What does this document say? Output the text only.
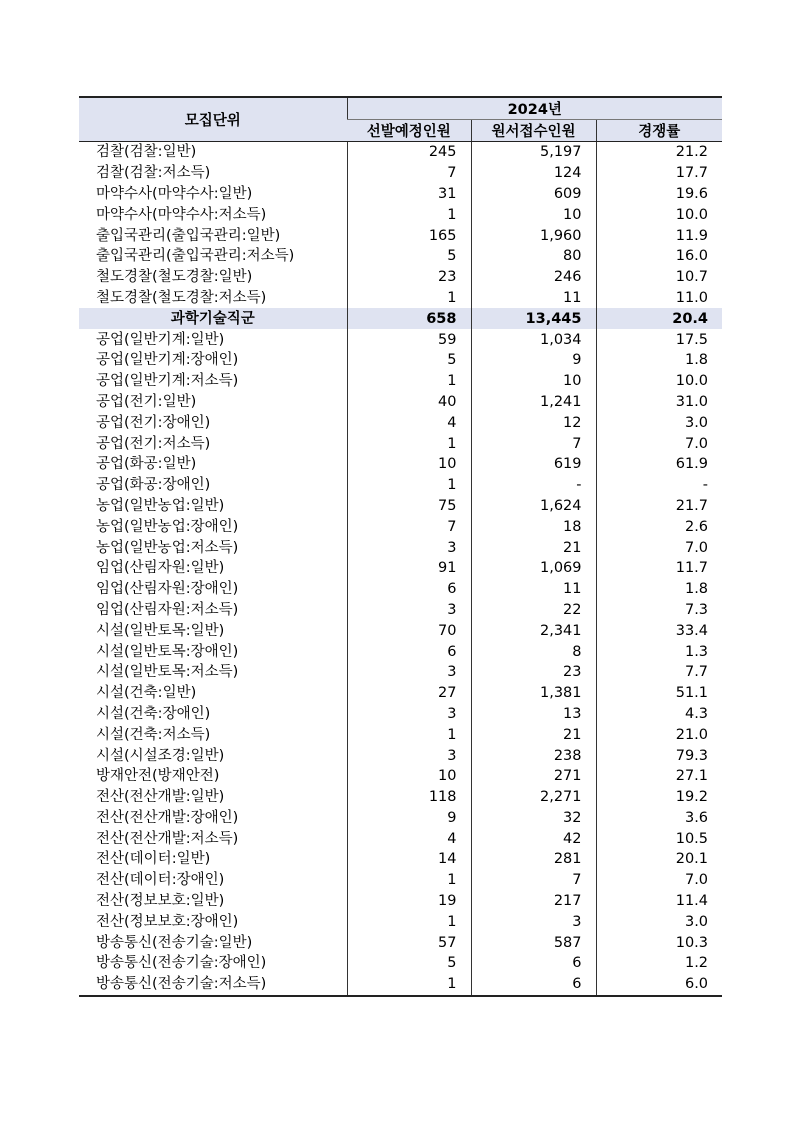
모집단위	2024년		
	선발예정인원	원서접수인원	경쟁률
검찰(검찰:일반)	245	5,197	21.2
검찰(검찰:저소득)	7	124	17.7
마약수사(마약수사:일반)	31	609	19.6
마약수사(마약수사:저소득)	1	10	10.0
출입국관리(출입국관리:일반)	165	1,960	11.9
출입국관리(출입국관리:저소득)	5	80	16.0
철도경찰(철도경찰:일반)	23	246	10.7
철도경찰(철도경찰:저소득)	1	11	11.0
과학기술직군	658	13,445	20.4
공업(일반기계:일반)	59	1,034	17.5
공업(일반기계:장애인)	5	9	1.8
공업(일반기계:저소득)	1	10	10.0
공업(전기:일반)	40	1,241	31.0
공업(전기:장애인)	4	12	3.0
공업(전기:저소득)	1	7	7.0
공업(화공:일반)	10	619	61.9
공업(화공:장애인)	1	-	-
농업(일반농업:일반)	75	1,624	21.7
농업(일반농업:장애인)	7	18	2.6
농업(일반농업:저소득)	3	21	7.0
임업(산림자원:일반)	91	1,069	11.7
임업(산림자원:장애인)	6	11	1.8
임업(산림자원:저소득)	3	22	7.3
시설(일반토목:일반)	70	2,341	33.4
시설(일반토목:장애인)	6	8	1.3
시설(일반토목:저소득)	3	23	7.7
시설(건축:일반)	27	1,381	51.1
시설(건축:장애인)	3	13	4.3
시설(건축:저소득)	1	21	21.0
시설(시설조경:일반)	3	238	79.3
방재안전(방재안전)	10	271	27.1
전산(전산개발:일반)	118	2,271	19.2
전산(전산개발:장애인)	9	32	3.6
전산(전산개발:저소득)	4	42	10.5
전산(데이터:일반)	14	281	20.1
전산(데이터:장애인)	1	7	7.0
전산(정보보호:일반)	19	217	11.4
전산(정보보호:장애인)	1	3	3.0
방송통신(전송기술:일반)	57	587	10.3
방송통신(전송기술:장애인)	5	6	1.2
방송통신(전송기술:저소득)	1	6	6.0
